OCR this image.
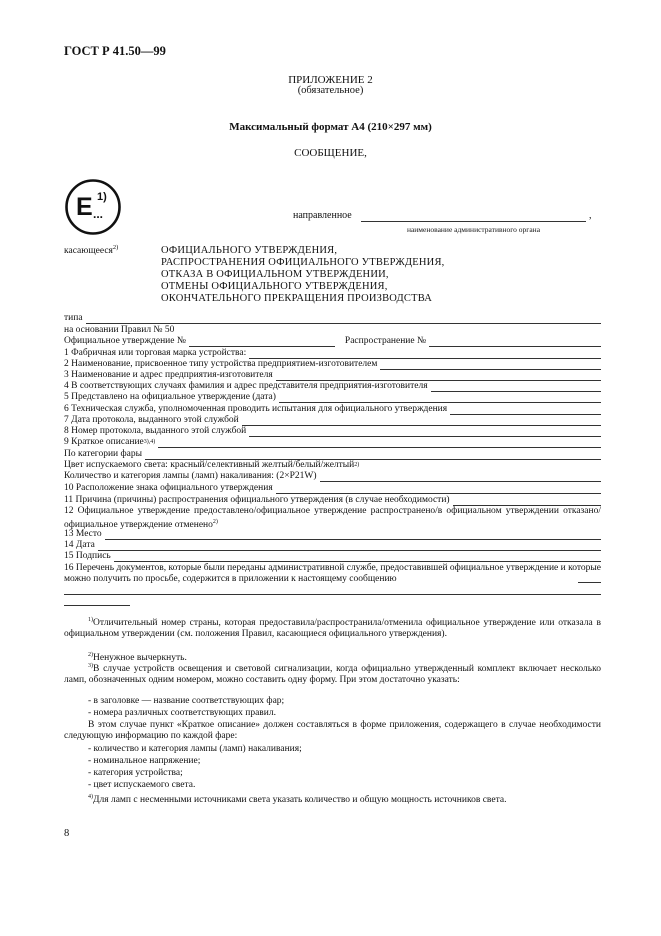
ГОСТ Р 41.50—99
ПРИЛОЖЕНИЕ 2
(обязательное)
Максимальный формат А4 (210×297 мм)
СООБЩЕНИЕ,
E 1)
...	направленное	,
наименование административного органа
касающееся$^{2)}$	ОФИЦИАЛЬНОГО УТВЕРЖДЕНИЯ,
РАСПРОСТРАНЕНИЯ ОФИЦИАЛЬНОГО УТВЕРЖДЕНИЯ,
ОТКАЗА В ОФИЦИАЛЬНОМ УТВЕРЖДЕНИИ,
ОТМЕНЫ ОФИЦИАЛЬНОГО УТВЕРЖДЕНИЯ,
ОКОНЧАТЕЛЬНОГО ПРЕКРАЩЕНИЯ ПРОИЗВОДСТВА
типа
на основании Правил № 50
Официальное утверждение №	Распространение №
1 Фабричная или торговая марка устройства:
2 Наименование, присвоенное типу устройства предприятием-изготовителем
3 Наименование и адрес предприятия-изготовителя
4 В соответствующих случаях фамилия и адрес представителя предприятия-изготовителя
5 Представлено на официальное утверждение (дата)
6 Техническая служба, уполномоченная проводить испытания для официального утверждения
7 Дата протокола, выданного этой службой
8 Номер протокола, выданного этой службой
9 Краткое описание 3),4)
По категории фары
Цвет испускаемого света: красный/селективный желтый/белый/желтый 2)
Количество и категория лампы (ламп) накаливания: (2×P21W)
10 Расположение знака официального утверждения
11 Причина (причины) распространения официального утверждения (в случае необходимости)
12 Официальное утверждение предоставлено/официальное утверждение распространено/в официальном утверждении отказано/ официальное утверждение отменено$^{2)}$
13 Место
14 Дата
15 Подпись
16 Перечень документов, которые были переданы административной службе, предоставившей официальное утверждение и которые можно получить по просьбе, содержится в приложении к настоящему сообщению
$^{1)}$Отличительный номер страны, которая предоставила/распространила/отменила официальное утверждение или отказала в официальном утверждении (см. положения Правил, касающиеся официального утверждения).
$^{2)}$Ненужное вычеркнуть.
$^{3)}$В случае устройств освещения и световой сигнализации, когда официально утвержденный комплект включает несколько ламп, обозначенных одним номером, можно составить одну форму. При этом достаточно указать:
- в заголовке — название соответствующих фар;
- номера различных соответствующих правил.
В этом случае пункт «Краткое описание» должен составляться в форме приложения, содержащего в случае необходимости следующую информацию по каждой фаре:
- количество и категория лампы (ламп) накаливания;
- номинальное напряжение;
- категория устройства;
- цвет испускаемого света.
$^{4)}$Для ламп с несменными источниками света указать количество и общую мощность источников света.
8
